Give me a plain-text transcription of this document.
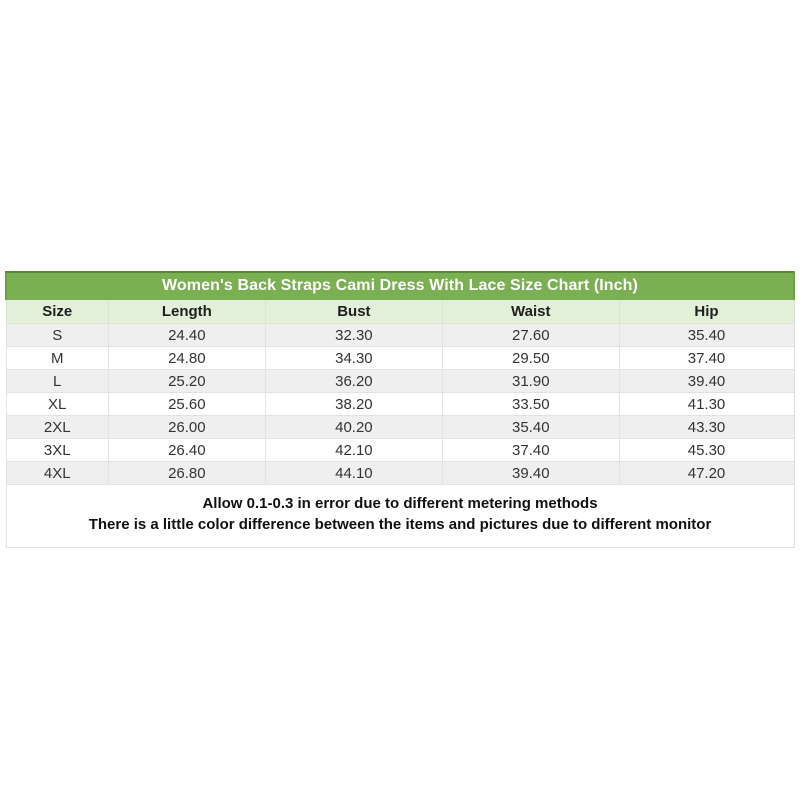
Women's Back Straps Cami Dress With Lace Size Chart (Inch)				
Size	Length	Bust	Waist	Hip
S	24.40	32.30	27.60	35.40
M	24.80	34.30	29.50	37.40
L	25.20	36.20	31.90	39.40
XL	25.60	38.20	33.50	41.30
2XL	26.00	40.20	35.40	43.30
3XL	26.40	42.10	37.40	45.30
4XL	26.80	44.10	39.40	47.20

Allow 0.1-0.3 in error due to different metering methods
There is a little color difference between the items and pictures due to different monitor				
